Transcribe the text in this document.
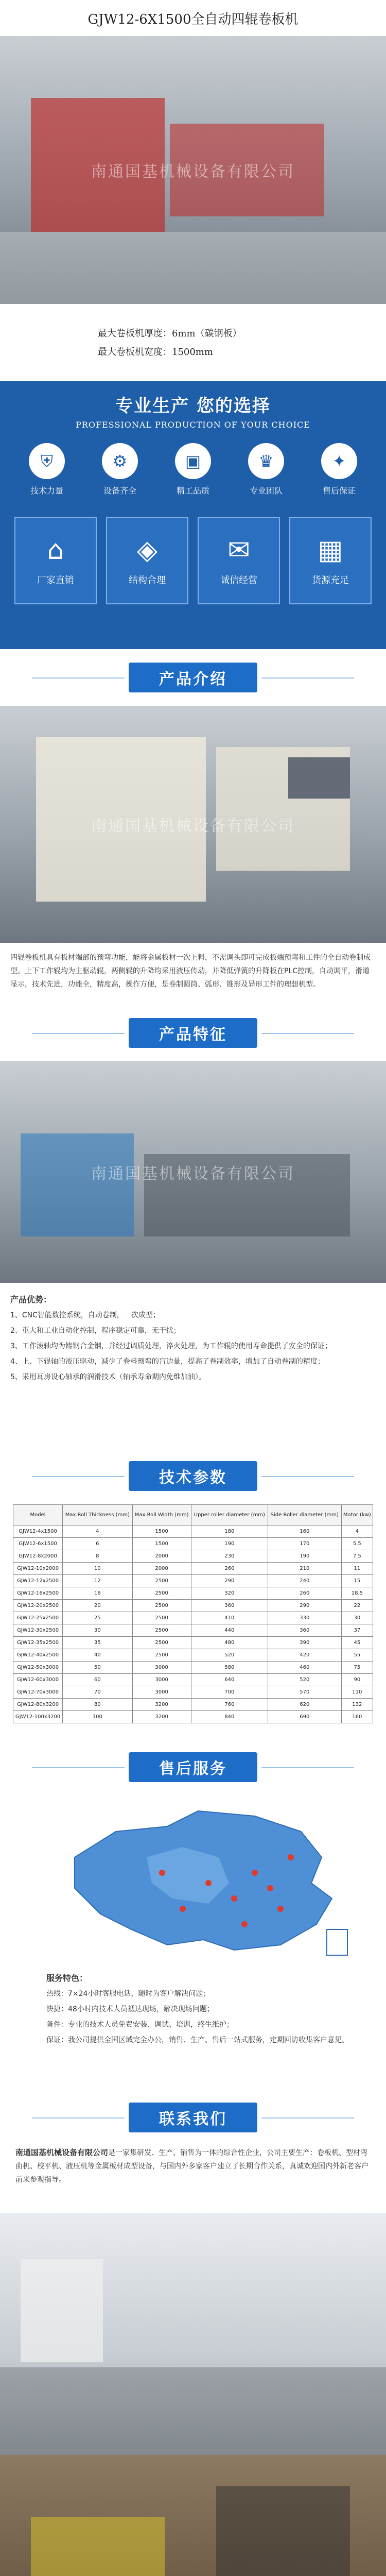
GJW12-6X1500全自动四辊卷板机
南通国基机械设备有限公司
最大卷板机厚度：6mm（碳钢板）
最大卷板机宽度：1500mm
专业生产 您的选择
PROFESSIONAL PRODUCTION OF YOUR CHOICE
⛨
技术力量
⚙
设备齐全
▣
精工品质
♛
专业团队
✦
售后保证
⌂
厂家直销
◈
结构合理
✉
诚信经营
▦
货源充足
产品介绍
南通国基机械设备有限公司
四辊卷板机具有板材端部的预弯功能，能将金属板材一次上料，不需调头即可完成板端预弯和工件的全自动卷制成型。上下工作辊均为主驱动辊，两侧辊的升降均采用液压传动，并降低弹簧的升降板在PLC控制，自动调平，滑道显示，技术先进，功能全，精度高，操作方便，是卷制圆筒、弧形、锥形及异形工件的理想机型。
产品特征
南通国基机械设备有限公司
产品优势：
1、CNC智能数控系统，自动卷制，一次成型；
2、重大和工业自动化控制，程序稳定可靠，无干扰；
3、工作滚轴均为铸钢合金钢，并经过调质处理，淬火处理，为工作辊的使用寿命提供了安全的保证；
4、上、下辊轴的液压驱动，减少了卷料预弯的盲边量，提高了卷制效率，增加了自动卷制的精度；
5、采用瓦房设心轴承的润滑技术（轴承寿命期内免维加油）。
技术参数
Model	Max.Roll Thickness (mm)	Max.Roll Width (mm)	Upper roller diameter (mm)	Side Roller diameter (mm)	Motor (kw)
GJW12-4x1500	4	1500	180	160	4
GJW12-6x1500	6	1500	190	170	5.5
GJW12-8x2000	8	2000	230	190	7.5
GJW12-10x2000	10	2000	260	210	11
GJW12-12x2500	12	2500	290	240	15
GJW12-16x2500	16	2500	320	260	18.5
GJW12-20x2500	20	2500	360	290	22
GJW12-25x2500	25	2500	410	330	30
GJW12-30x2500	30	2500	440	360	37
GJW12-35x2500	35	2500	480	390	45
GJW12-40x2500	40	2500	520	420	55
GJW12-50x3000	50	3000	580	460	75
GJW12-60x3000	60	3000	640	520	90
GJW12-70x3000	70	3000	700	570	110
GJW12-80x3200	80	3200	760	620	132
GJW12-100x3200	100	3200	840	690	160
售后服务
服务特色：
热线：7×24小时客服电话，随时为客户解决问题；
快捷：48小时内技术人员抵达现场，解决现场问题；
备件：专业的技术人员免费安装、调试、培训，终生维护；
保证：我公司提供全国区域完全办公，销售、生产、售后一站式服务，定期回访收集客户意见。
联系我们
南通国基机械设备有限公司是一家集研发、生产、销售为一体的综合性企业，公司主要生产：卷板机、型材弯曲机、校平机、液压机等金属板材成型设备，与国内外多家客户建立了长期合作关系，真诚欢迎国内外新老客户前来参观指导。
